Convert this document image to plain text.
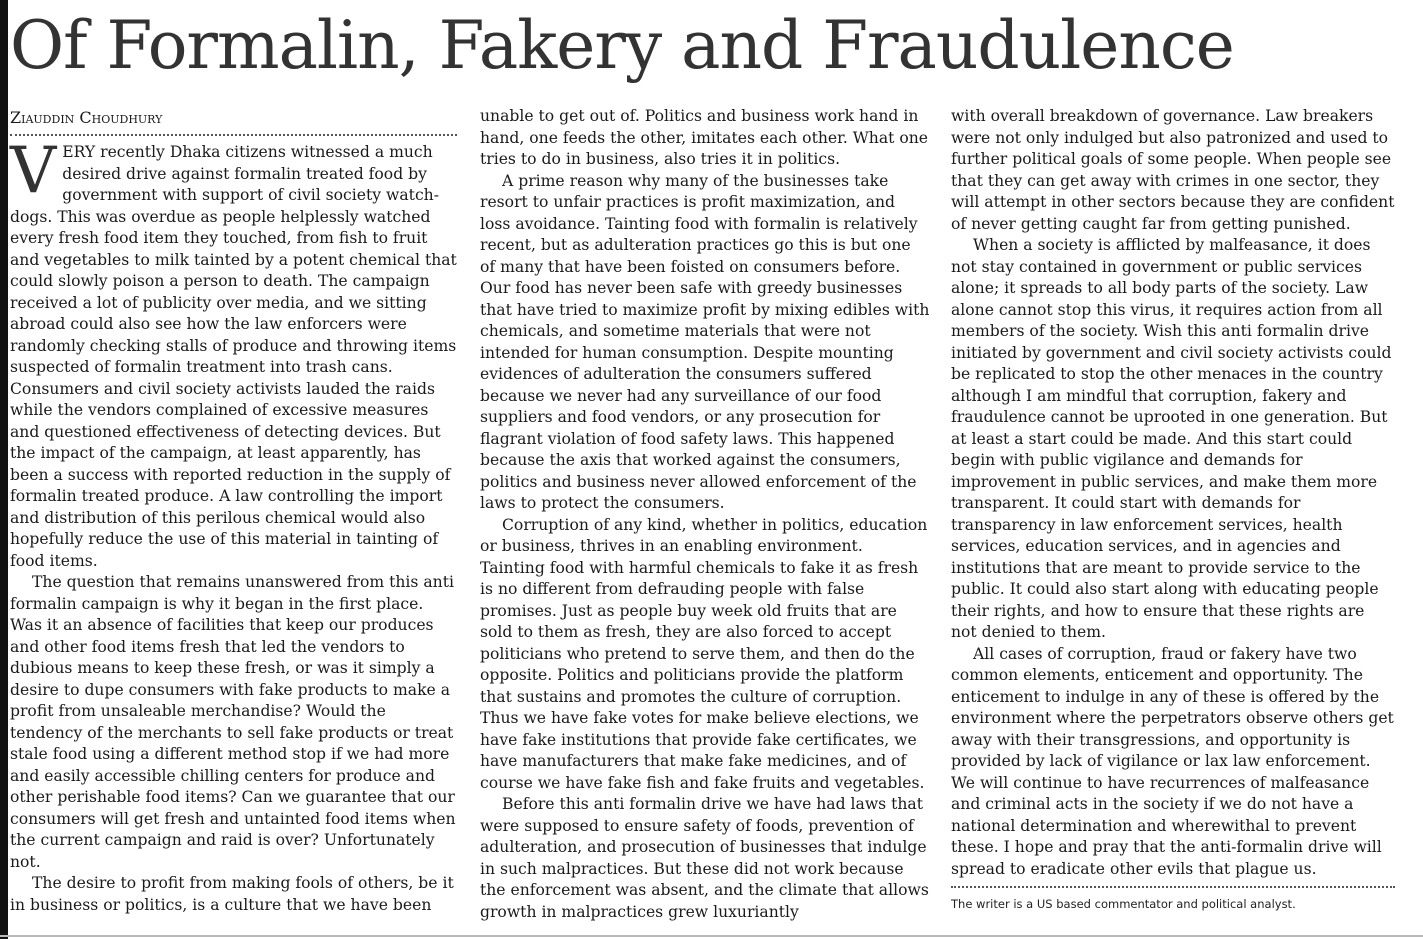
Of Formalin, Fakery and Fraudulence
Ziauddin Choudhury

VERY recently Dhaka citizens witnessed a much desired drive against formalin treated food by government with support of civil society watch-dogs. This was overdue as people helplessly watched every fresh food item they touched, from fish to fruit and vegetables to milk tainted by a potent chemical that could slowly poison a person to death. The campaign received a lot of publicity over media, and we sitting abroad could also see how the law enforcers were randomly checking stalls of produce and throwing items suspected of formalin treatment into trash cans. Consumers and civil society activists lauded the raids while the vendors complained of excessive measures and questioned effectiveness of detecting devices. But the impact of the campaign, at least apparently, has been a success with reported reduction in the supply of formalin treated produce. A law controlling the import and distribution of this perilous chemical would also hopefully reduce the use of this material in tainting of food items.

The question that remains unanswered from this anti formalin campaign is why it began in the first place. Was it an absence of facilities that keep our produces and other food items fresh that led the vendors to dubious means to keep these fresh, or was it simply a desire to dupe consumers with fake products to make a profit from unsaleable merchandise? Would the tendency of the merchants to sell fake products or treat stale food using a different method stop if we had more and easily accessible chilling centers for produce and other perishable food items? Can we guarantee that our consumers will get fresh and untainted food items when the current campaign and raid is over? Unfortunately not.

The desire to profit from making fools of others, be it in business or politics, is a culture that we have been

unable to get out of. Politics and business work hand in hand, one feeds the other, imitates each other. What one tries to do in business, also tries it in politics.

A prime reason why many of the businesses take resort to unfair practices is profit maximization, and loss avoidance. Tainting food with formalin is relatively recent, but as adulteration practices go this is but one of many that have been foisted on consumers before. Our food has never been safe with greedy businesses that have tried to maximize profit by mixing edibles with chemicals, and sometime materials that were not intended for human consumption. Despite mounting evidences of adulteration the consumers suffered because we never had any surveillance of our food suppliers and food vendors, or any prosecution for flagrant violation of food safety laws. This happened because the axis that worked against the consumers, politics and business never allowed enforcement of the laws to protect the consumers.

Corruption of any kind, whether in politics, education or business, thrives in an enabling environment. Tainting food with harmful chemicals to fake it as fresh is no different from defrauding people with false promises. Just as people buy week old fruits that are sold to them as fresh, they are also forced to accept politicians who pretend to serve them, and then do the opposite. Politics and politicians provide the platform that sustains and promotes the culture of corruption. Thus we have fake votes for make believe elections, we have fake institutions that provide fake certificates, we have manufacturers that make fake medicines, and of course we have fake fish and fake fruits and vegetables.

Before this anti formalin drive we have had laws that were supposed to ensure safety of foods, prevention of adulteration, and prosecution of businesses that indulge in such malpractices. But these did not work because the enforcement was absent, and the climate that allows growth in malpractices grew luxuriantly

with overall breakdown of governance. Law breakers were not only indulged but also patronized and used to further political goals of some people. When people see that they can get away with crimes in one sector, they will attempt in other sectors because they are confident of never getting caught far from getting punished.

When a society is afflicted by malfeasance, it does not stay contained in government or public services alone; it spreads to all body parts of the society. Law alone cannot stop this virus, it requires action from all members of the society. Wish this anti formalin drive initiated by government and civil society activists could be replicated to stop the other menaces in the country although I am mindful that corruption, fakery and fraudulence cannot be uprooted in one generation. But at least a start could be made. And this start could begin with public vigilance and demands for improvement in public services, and make them more transparent. It could start with demands for transparency in law enforcement services, health services, education services, and in agencies and institutions that are meant to provide service to the public. It could also start along with educating people their rights, and how to ensure that these rights are not denied to them.

All cases of corruption, fraud or fakery have two common elements, enticement and opportunity. The enticement to indulge in any of these is offered by the environment where the perpetrators observe others get away with their transgressions, and opportunity is provided by lack of vigilance or lax law enforcement. We will continue to have recurrences of malfeasance and criminal acts in the society if we do not have a national determination and wherewithal to prevent these. I hope and pray that the anti-formalin drive will spread to eradicate other evils that plague us.

The writer is a US based commentator and political analyst.
